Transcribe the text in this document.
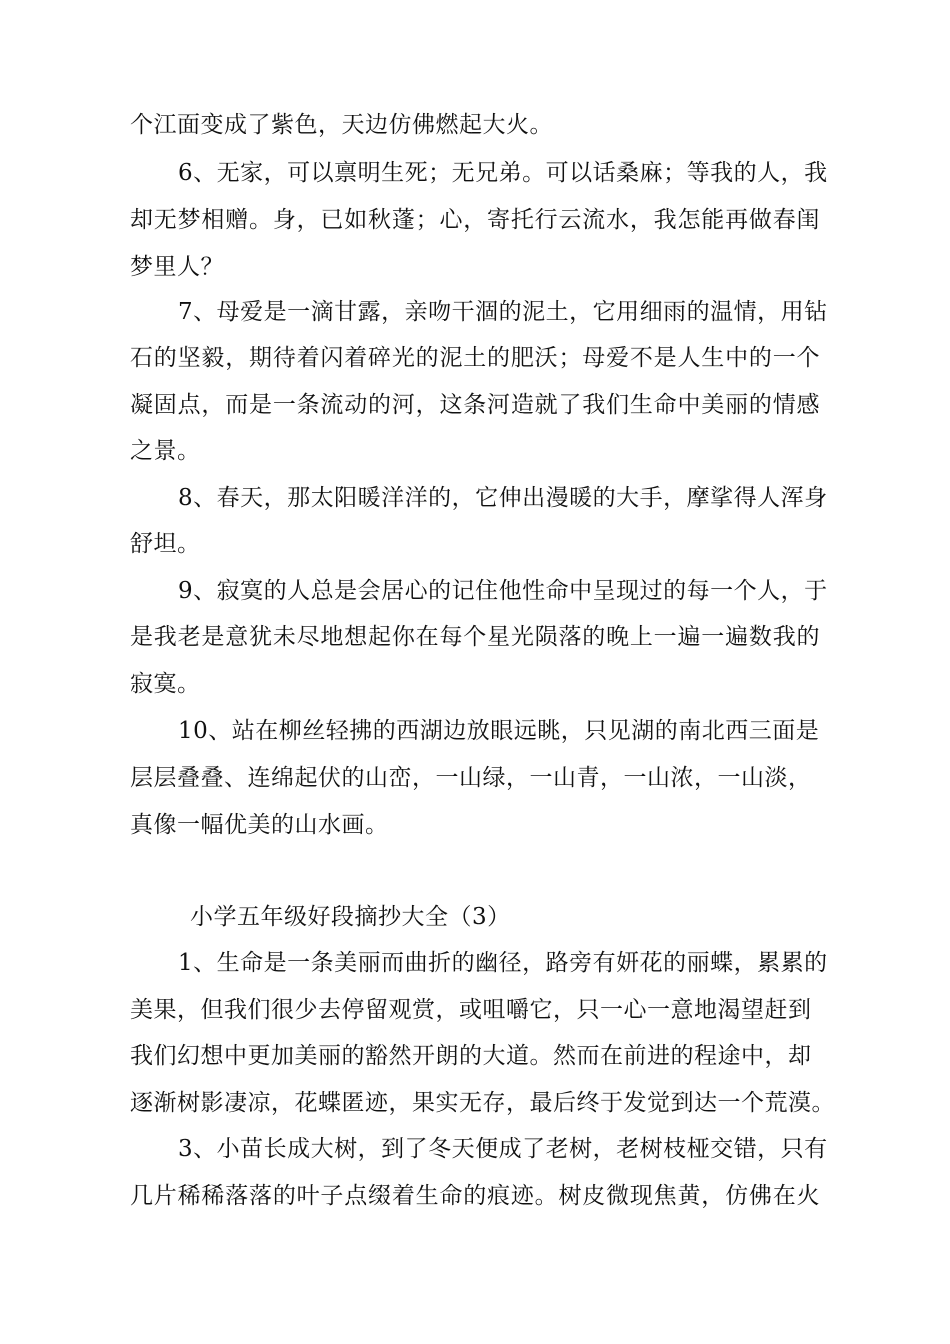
个江面变成了紫色，天边仿佛燃起大火。
6、无家，可以禀明生死；无兄弟。可以话桑麻；等我的人，我
却无梦相赠。身，已如秋蓬；心，寄托行云流水，我怎能再做春闺
梦里人？
7、母爱是一滴甘露，亲吻干涸的泥土，它用细雨的温情，用钻
石的坚毅，期待着闪着碎光的泥土的肥沃；母爱不是人生中的一个
凝固点，而是一条流动的河，这条河造就了我们生命中美丽的情感
之景。
8、春天，那太阳暖洋洋的，它伸出漫暖的大手，摩挲得人浑身
舒坦。
9、寂寞的人总是会居心的记住他性命中呈现过的每一个人，于
是我老是意犹未尽地想起你在每个星光陨落的晚上一遍一遍数我的
寂寞。
10、站在柳丝轻拂的西湖边放眼远眺，只见湖的南北西三面是
层层叠叠、连绵起伏的山峦，一山绿，一山青，一山浓，一山淡，
真像一幅优美的山水画。
小学五年级好段摘抄大全（3）
1、生命是一条美丽而曲折的幽径，路旁有妍花的丽蝶，累累的
美果，但我们很少去停留观赏，或咀嚼它，只一心一意地渴望赶到
我们幻想中更加美丽的豁然开朗的大道。然而在前进的程途中，却
逐渐树影凄凉，花蝶匿迹，果实无存，最后终于发觉到达一个荒漠。
3、小苗长成大树，到了冬天便成了老树，老树枝桠交错，只有
几片稀稀落落的叶子点缀着生命的痕迹。树皮微现焦黄，仿佛在火
